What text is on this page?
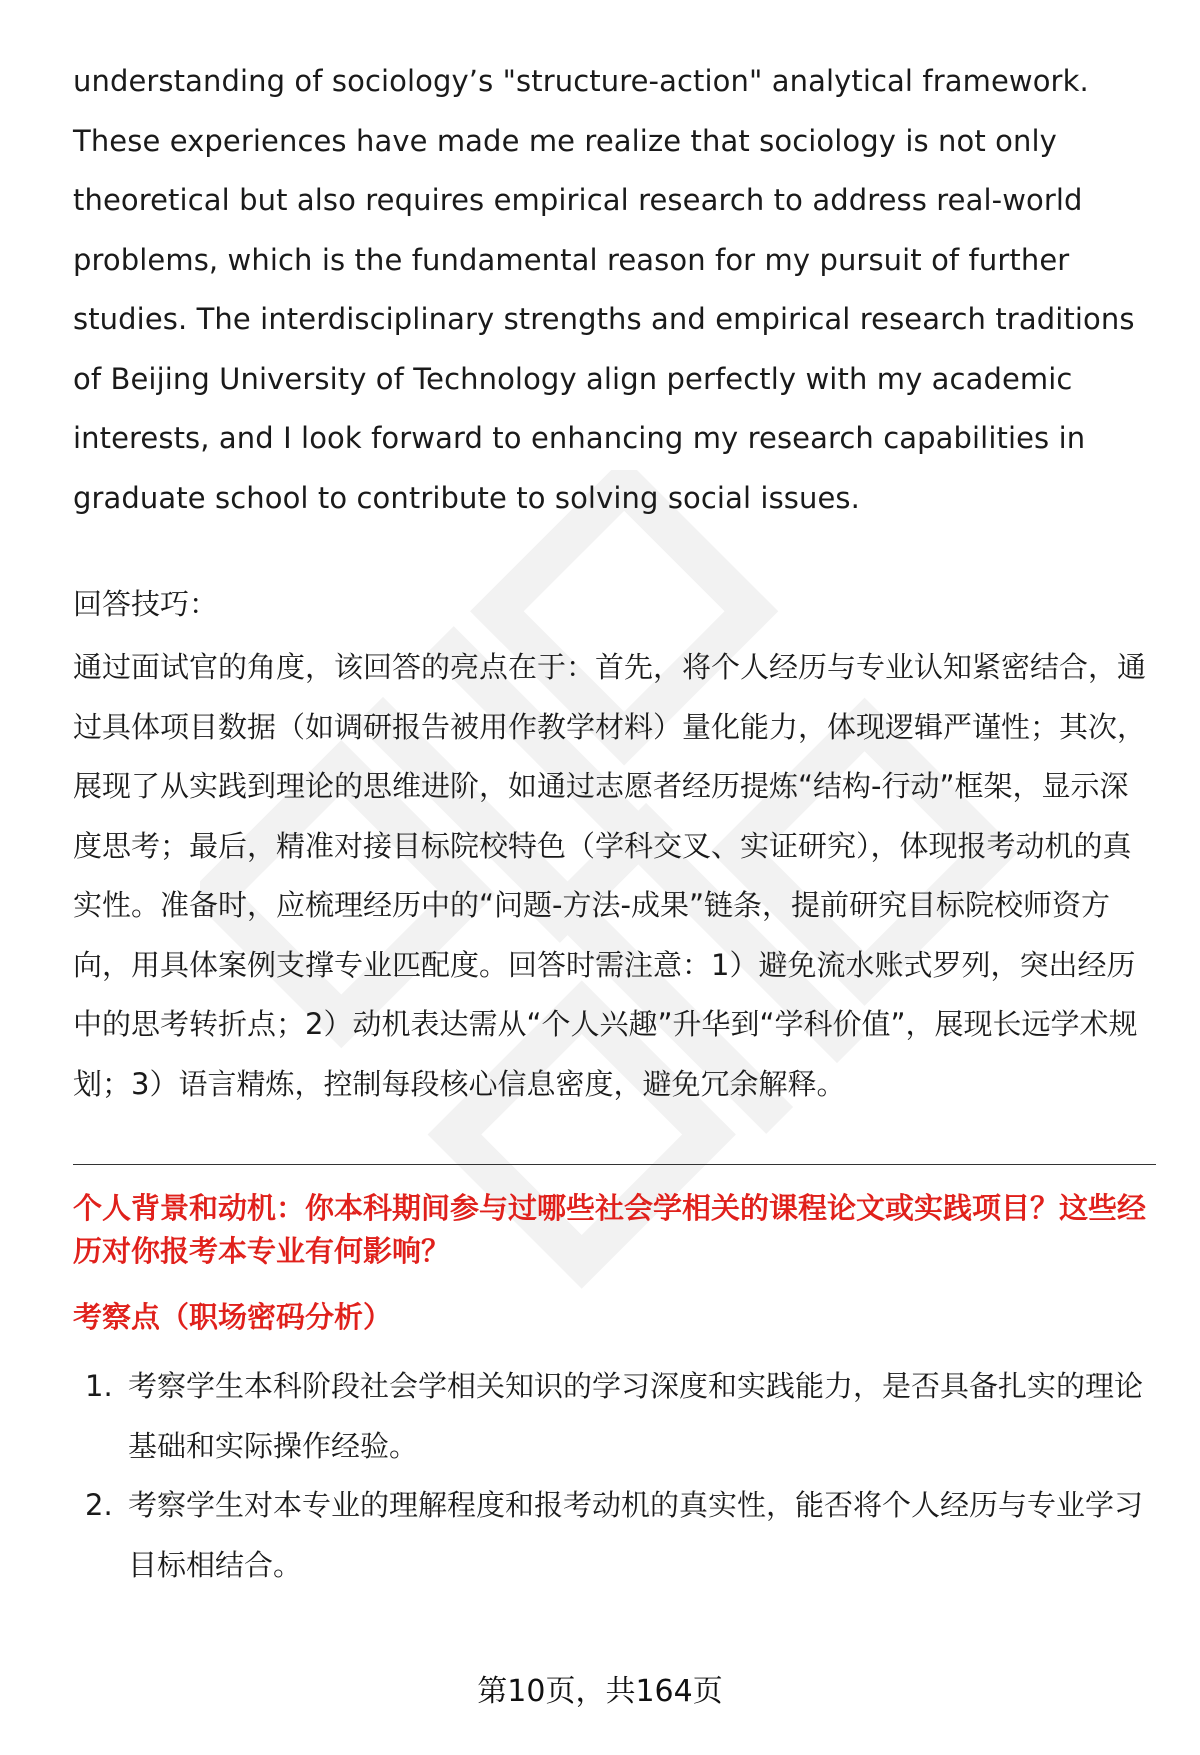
understanding of sociology’s "structure-action" analytical framework. These experiences have made me realize that sociology is not only theoretical but also requires empirical research to address real-world problems, which is the fundamental reason for my pursuit of further studies. The interdisciplinary strengths and empirical research traditions of Beijing University of Technology align perfectly with my academic interests, and I look forward to enhancing my research capabilities in graduate school to contribute to solving social issues.

回答技巧：

通过面试官的角度，该回答的亮点在于：首先，将个人经历与专业认知紧密结合，通过具体项目数据（如调研报告被用作教学材料）量化能力，体现逻辑严谨性；其次，展现了从实践到理论的思维进阶，如通过志愿者经历提炼“结构-行动”框架，显示深度思考；最后，精准对接目标院校特色（学科交叉、实证研究），体现报考动机的真实性。准备时，应梳理经历中的“问题-方法-成果”链条，提前研究目标院校师资方向，用具体案例支撑专业匹配度。回答时需注意：1）避免流水账式罗列，突出经历中的思考转折点；2）动机表达需从“个人兴趣”升华到“学科价值”，展现长远学术规划；3）语言精炼，控制每段核心信息密度，避免冗余解释。

个人背景和动机：你本科期间参与过哪些社会学相关的课程论文或实践项目？这些经历对你报考本专业有何影响？

考察点（职场密码分析）
1. 考察学生本科阶段社会学相关知识的学习深度和实践能力，是否具备扎实的理论基础和实际操作经验。
2. 考察学生对本专业的理解程度和报考动机的真实性，能否将个人经历与专业学习目标相结合。
第10页，共164页
